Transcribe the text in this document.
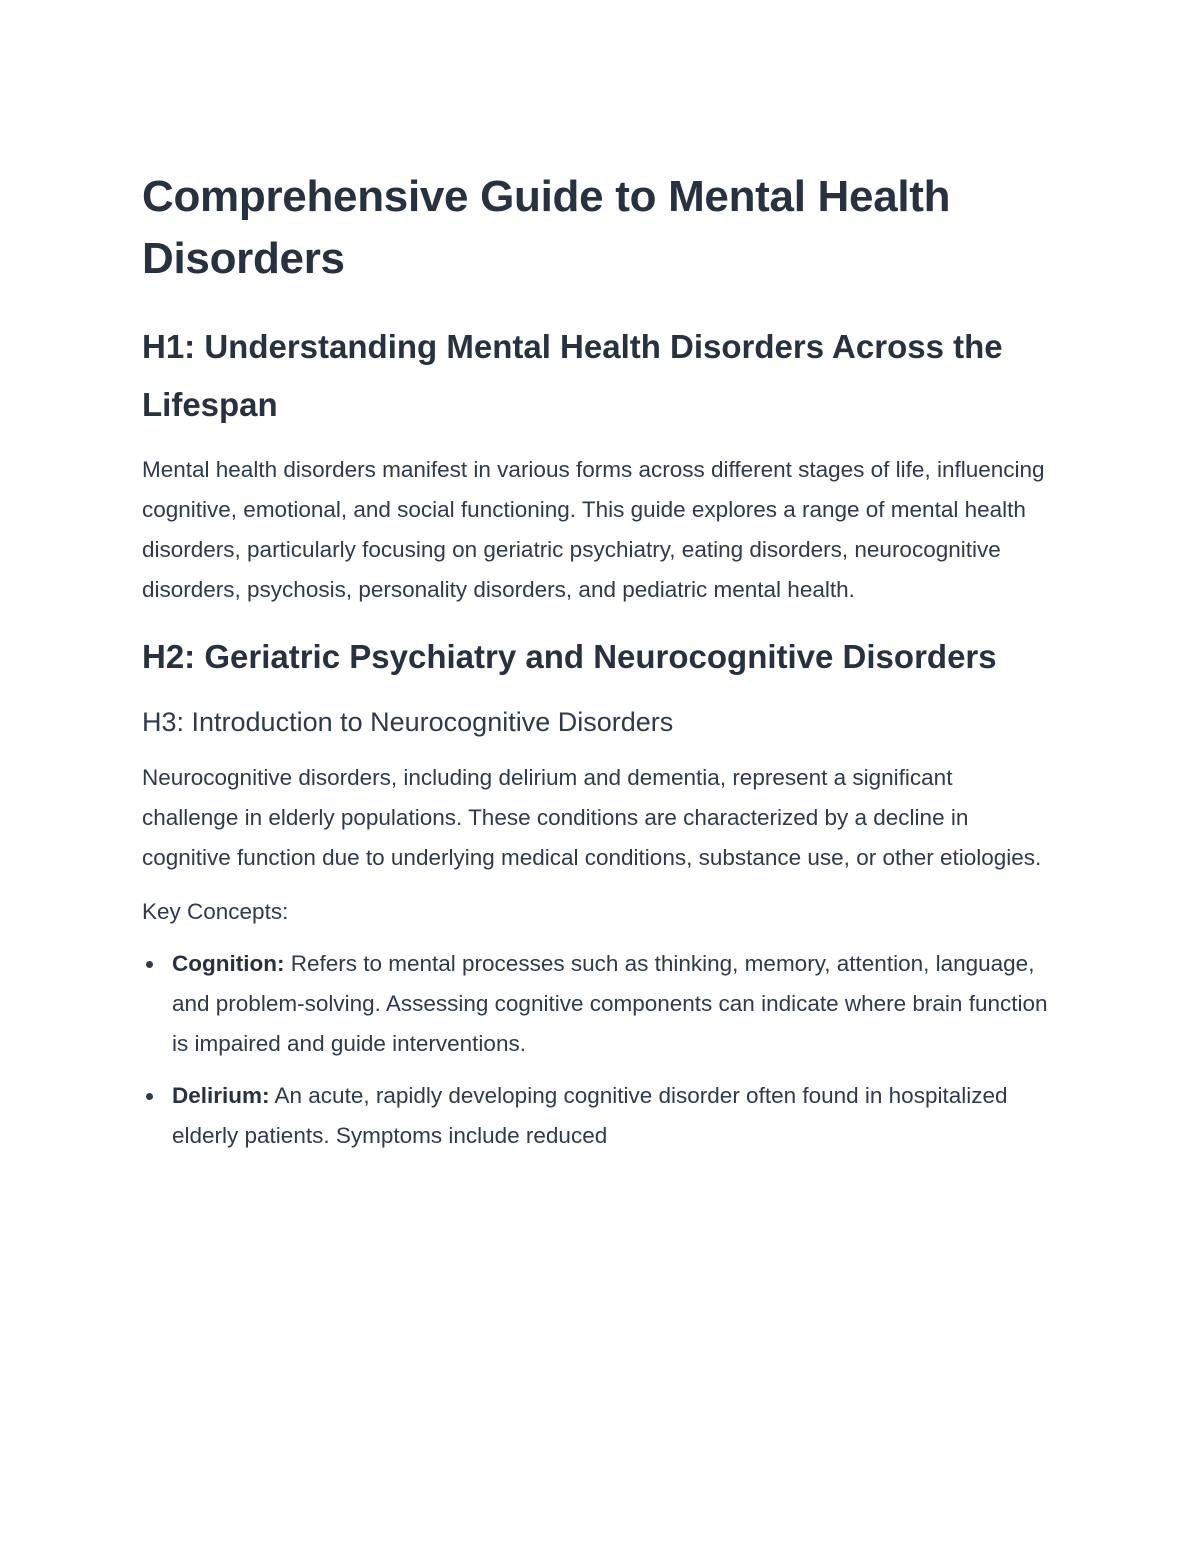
Comprehensive Guide to Mental Health Disorders
H1: Understanding Mental Health Disorders Across the Lifespan

Mental health disorders manifest in various forms across different stages of life, influencing cognitive, emotional, and social functioning. This guide explores a range of mental health disorders, particularly focusing on geriatric psychiatry, eating disorders, neurocognitive disorders, psychosis, personality disorders, and pediatric mental health.

H2: Geriatric Psychiatry and Neurocognitive Disorders
H3: Introduction to Neurocognitive Disorders

Neurocognitive disorders, including delirium and dementia, represent a significant challenge in elderly populations. These conditions are characterized by a decline in cognitive function due to underlying medical conditions, substance use, or other etiologies.

Key Concepts:

Cognition: Refers to mental processes such as thinking, memory, attention, language, and problem-solving. Assessing cognitive components can indicate where brain function is impaired and guide interventions.
Delirium: An acute, rapidly developing cognitive disorder often found in hospitalized elderly patients. Symptoms include reduced
